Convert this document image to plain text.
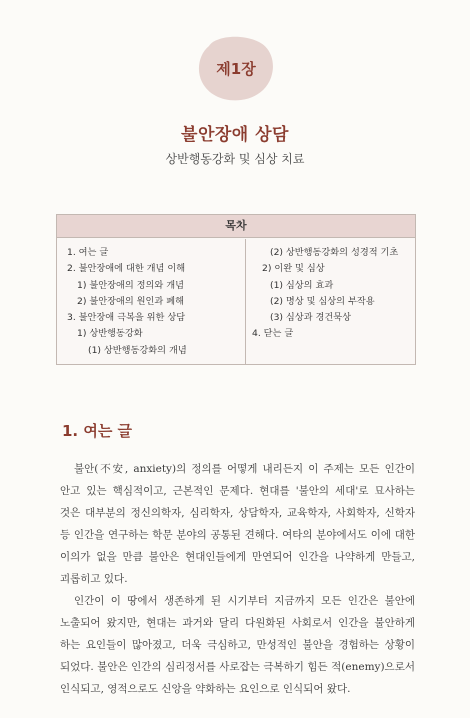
제1장
불안장애 상담
상반행동강화 및 심상 치료
목차
1. 여는 글
2. 불안장애에 대한 개념 이해
1) 불안장애의 정의와 개념
2) 불안장애의 원인과 폐해
3. 불안장애 극복을 위한 상담
1) 상반행동강화
(1) 상반행동강화의 개념
(2) 상반행동강화의 성경적 기초
2) 이완 및 심상
(1) 심상의 효과
(2) 명상 및 심상의 부작용
(3) 심상과 경건묵상
4. 닫는 글
1. 여는 글

불안(不安, anxiety)의 정의를 어떻게 내리든지 이 주제는 모든 인간이 안고 있는 핵심적이고, 근본적인 문제다. 현대를 '불안의 세대'로 묘사하는 것은 대부분의 정신의학자, 심리학자, 상담학자, 교육학자, 사회학자, 신학자 등 인간을 연구하는 학문 분야의 공통된 견해다. 여타의 분야에서도 이에 대한 이의가 없을 만큼 불안은 현대인들에게 만연되어 인간을 나약하게 만들고, 괴롭히고 있다.

인간이 이 땅에서 생존하게 된 시기부터 지금까지 모든 인간은 불안에 노출되어 왔지만, 현대는 과거와 달리 다원화된 사회로서 인간을 불안하게 하는 요인들이 많아졌고, 더욱 극심하고, 만성적인 불안을 경험하는 상황이 되었다. 불안은 인간의 심리정서를 사로잡는 극복하기 힘든 적(enemy)으로서 인식되고, 영적으로도 신앙을 약화하는 요인으로 인식되어 왔다.
